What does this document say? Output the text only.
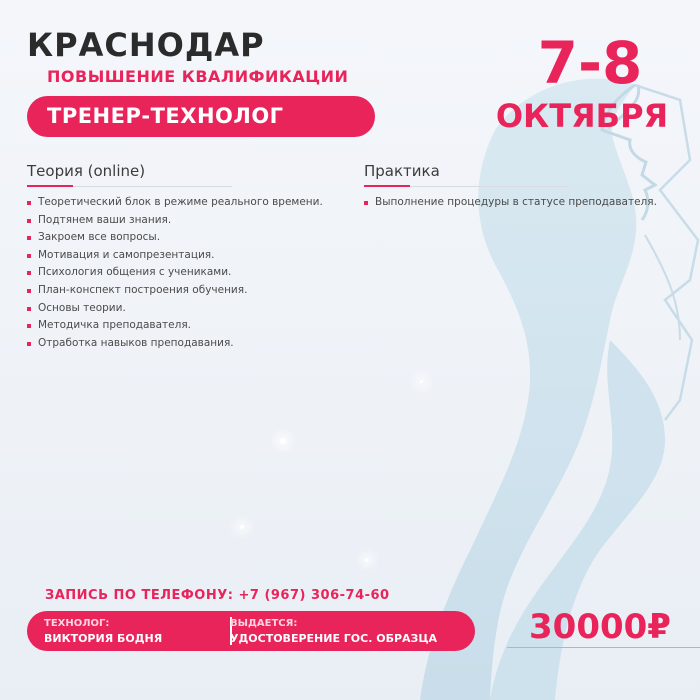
КРАСНОДАР
ПОВЫШЕНИЕ КВАЛИФИКАЦИИ
ТРЕНЕР-ТЕХНОЛОГ
7-8
ОКТЯБРЯ
Теория (online)
Теоретический блок в режиме реального времени.
Подтянем ваши знания.
Закроем все вопросы.
Мотивация и самопрезентация.
Психология общения с учениками.
План-конспект построения обучения.
Основы теории.
Методичка преподавателя.
Отработка навыков преподавания.
Практика
Выполнение процедуры в статусе преподавателя.
ЗАПИСЬ ПО ТЕЛЕФОНУ: +7 (967) 306-74-60
ТЕХНОЛОГ:
ВИКТОРИЯ БОДНЯ
ВЫДАЕТСЯ:
УДОСТОВЕРЕНИЕ ГОС. ОБРАЗЦА	30000₽
